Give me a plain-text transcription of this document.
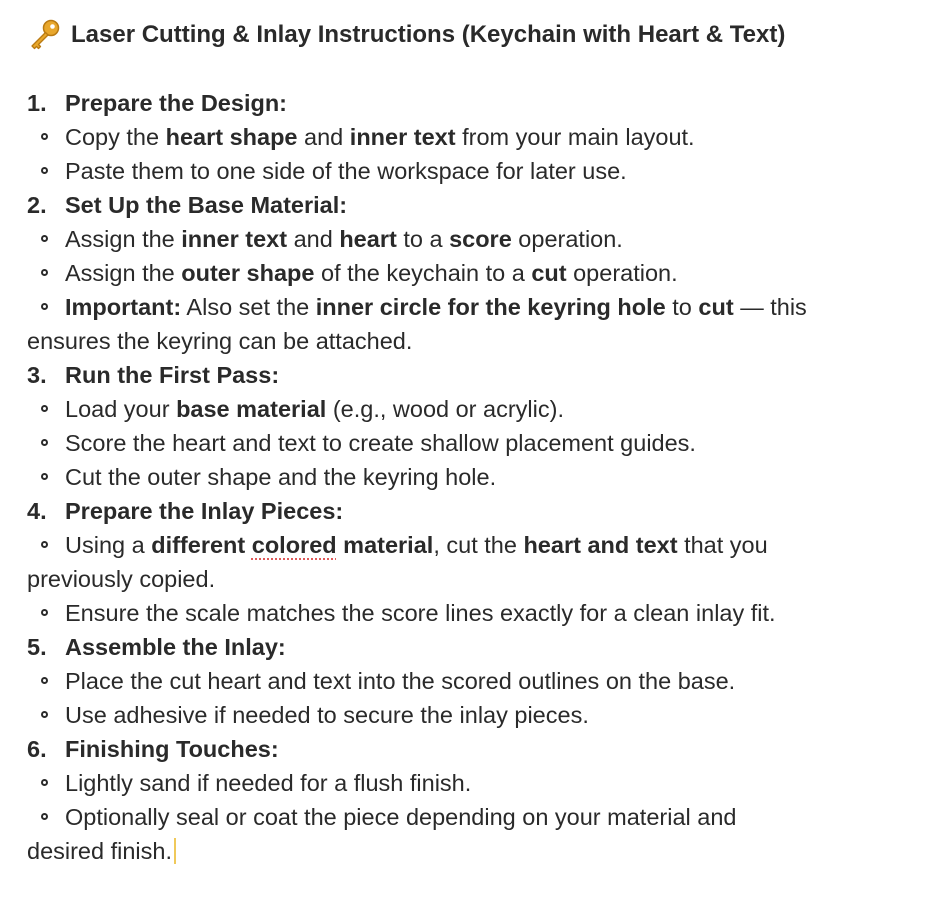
Laser Cutting & Inlay Instructions (Keychain with Heart & Text)

1. Prepare the Design:

Copy the heart shape and inner text from your main layout.

Paste them to one side of the workspace for later use.

2. Set Up the Base Material:

Assign the inner text and heart to a score operation.

Assign the outer shape of the keychain to a cut operation.

Important: Also set the inner circle for the keyring hole to cut — this

ensures the keyring can be attached.

3. Run the First Pass:

Load your base material (e.g., wood or acrylic).

Score the heart and text to create shallow placement guides.

Cut the outer shape and the keyring hole.

4. Prepare the Inlay Pieces:

Using a different colored material, cut the heart and text that you

previously copied.

Ensure the scale matches the score lines exactly for a clean inlay fit.

5. Assemble the Inlay:

Place the cut heart and text into the scored outlines on the base.

Use adhesive if needed to secure the inlay pieces.

6. Finishing Touches:

Lightly sand if needed for a flush finish.

Optionally seal or coat the piece depending on your material and

desired finish.
